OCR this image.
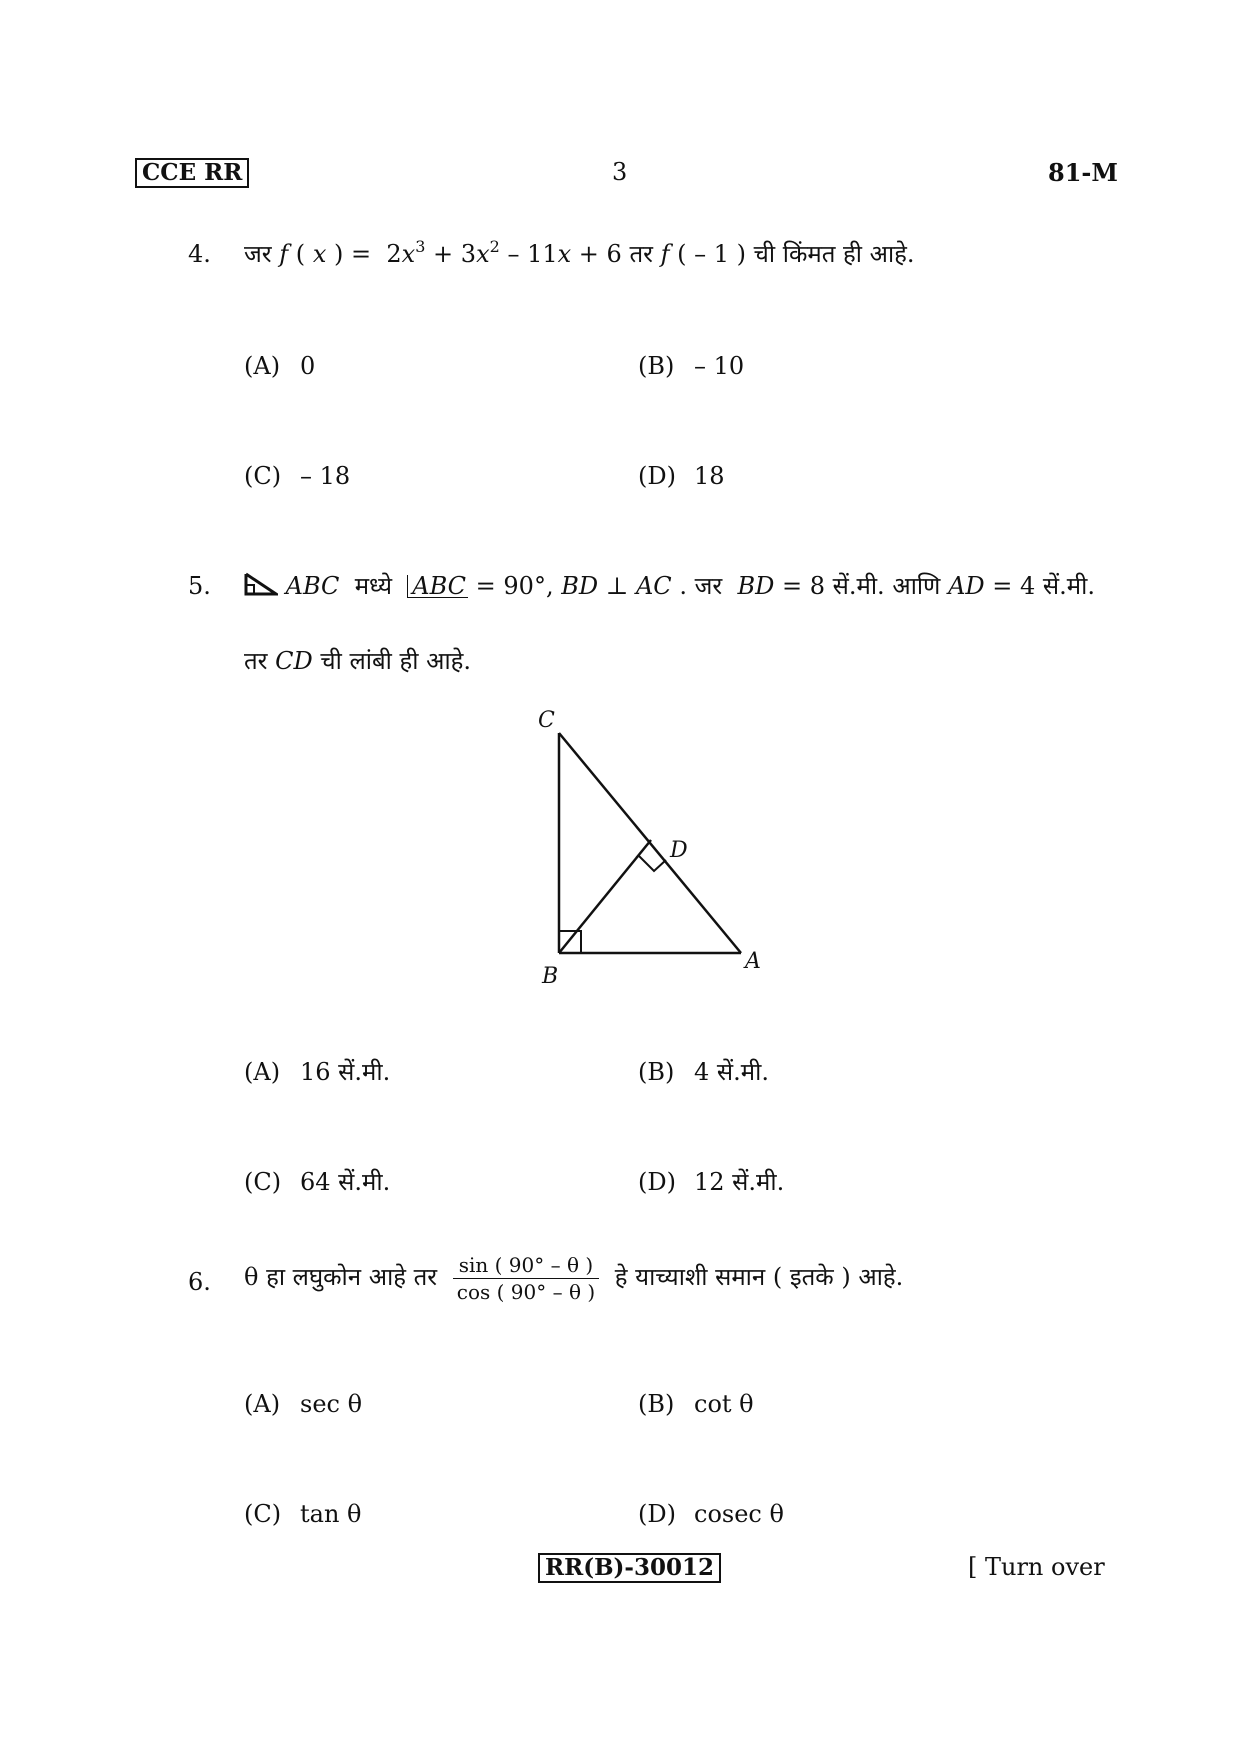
CCE RR	3	81-M
4. जर f ( x ) = $2x^3 + 3x^2 - 11x + 6$ तर f ( – 1 ) ची किंमत ही आहे.
(A) 0	(B) – 10
(C) – 18	(D) 18
5.	ABC मध्ये ABC = 90°, BD ⊥ AC . जर BD = 8 सें.मी. आणि AD = 4 सें.मी.
तर CD ची लांबी ही आहे.
C
D
B
A
(A) 16 सें.मी.	(B) 4 सें.मी.
(C) 64 सें.मी.	(D) 12 सें.मी.
6. θ हा लघुकोन आहे तर $\frac{\sin ( 90^\circ - \theta )}{\cos ( 90^\circ - \theta )}$ हे याच्याशी समान ( इतके ) आहे.
(A) sec θ	(B) cot θ
(C) tan θ	(D) cosec θ
RR(B)-30012	[ Turn over
